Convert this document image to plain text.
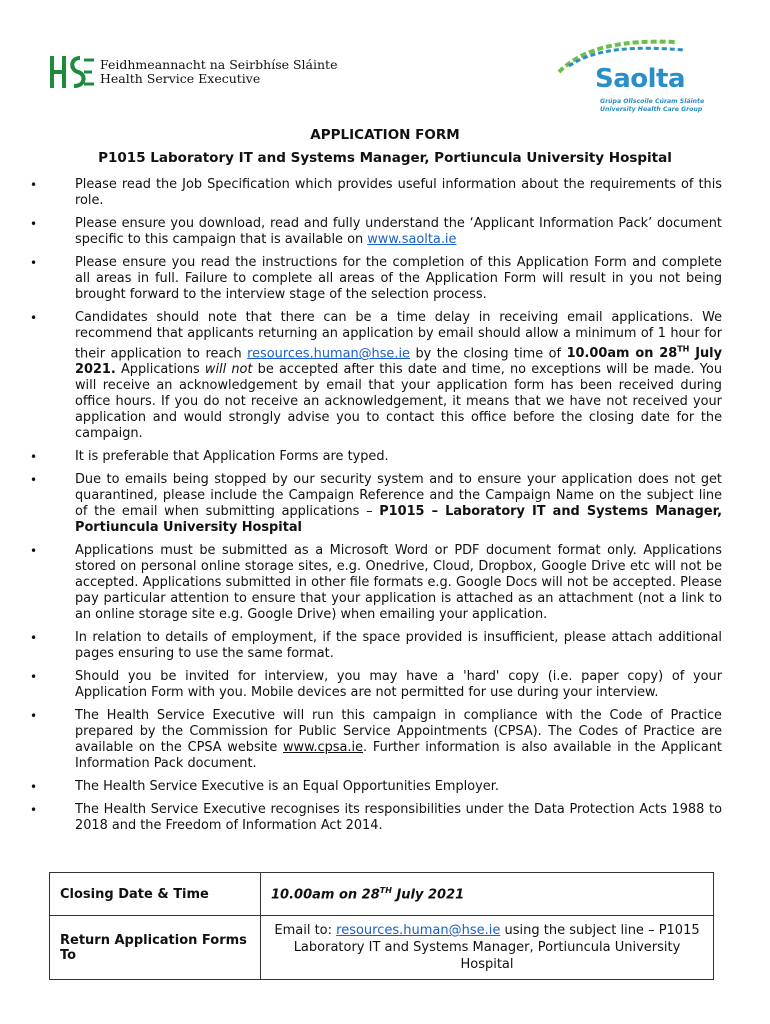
Feidhmeannacht na Seirbhíse Sláinte
Health Service Executive	Saolta
Grúpa Ollscoile Cúram Sláinte
University Health Care Group
APPLICATION FORM
P1015 Laboratory IT and Systems Manager, Portiuncula University Hospital
• Please read the Job Specification which provides useful information about the requirements of this role.
• Please ensure you download, read and fully understand the ‘Applicant Information Pack’ document specific to this campaign that is available on www.saolta.ie
• Please ensure you read the instructions for the completion of this Application Form and complete all areas in full. Failure to complete all areas of the Application Form will result in you not being brought forward to the interview stage of the selection process.
• Candidates should note that there can be a time delay in receiving email applications. We recommend that applicants returning an application by email should allow a minimum of 1 hour for their application to reach resources.human@hse.ie by the closing time of 10.00am on 28TH July 2021. Applications will not be accepted after this date and time, no exceptions will be made. You will receive an acknowledgement by email that your application form has been received during office hours. If you do not receive an acknowledgement, it means that we have not received your application and would strongly advise you to contact this office before the closing date for the campaign.
• It is preferable that Application Forms are typed.
• Due to emails being stopped by our security system and to ensure your application does not get quarantined, please include the Campaign Reference and the Campaign Name on the subject line of the email when submitting applications – P1015 – Laboratory IT and Systems Manager, Portiuncula University Hospital
• Applications must be submitted as a Microsoft Word or PDF document format only. Applications stored on personal online storage sites, e.g. Onedrive, Cloud, Dropbox, Google Drive etc will not be accepted. Applications submitted in other file formats e.g. Google Docs will not be accepted. Please pay particular attention to ensure that your application is attached as an attachment (not a link to an online storage site e.g. Google Drive) when emailing your application.
• In relation to details of employment, if the space provided is insufficient, please attach additional pages ensuring to use the same format.
• Should you be invited for interview, you may have a 'hard' copy (i.e. paper copy) of your Application Form with you. Mobile devices are not permitted for use during your interview.
• The Health Service Executive will run this campaign in compliance with the Code of Practice prepared by the Commission for Public Service Appointments (CPSA). The Codes of Practice are available on the CPSA website www.cpsa.ie. Further information is also available in the Applicant Information Pack document.
• The Health Service Executive is an Equal Opportunities Employer.
• The Health Service Executive recognises its responsibilities under the Data Protection Acts 1988 to 2018 and the Freedom of Information Act 2014.
Closing Date & Time	10.00am on 28TH July 2021
Return Application Forms To	Email to: resources.human@hse.ie using the subject line – P1015 Laboratory IT and Systems Manager, Portiuncula University Hospital
